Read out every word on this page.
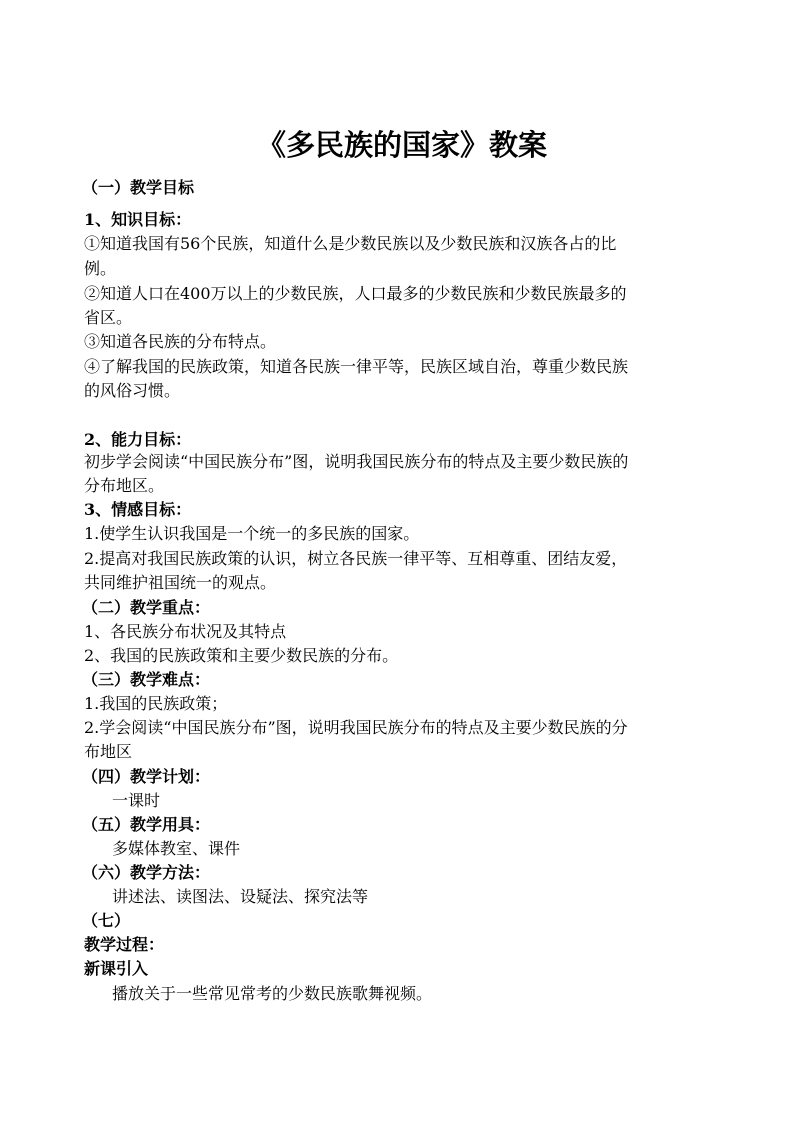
《多民族的国家》教案
（一）教学目标
1、知识目标：
①知道我国有56个民族，知道什么是少数民族以及少数民族和汉族各占的比
例。
②知道人口在400万以上的少数民族，人口最多的少数民族和少数民族最多的
省区。
③知道各民族的分布特点。
④了解我国的民族政策，知道各民族一律平等，民族区域自治，尊重少数民族
的风俗习惯。
2、能力目标：
初步学会阅读“中国民族分布”图，说明我国民族分布的特点及主要少数民族的
分布地区。
3、情感目标：
1.使学生认识我国是一个统一的多民族的国家。
2.提高对我国民族政策的认识，树立各民族一律平等、互相尊重、团结友爱，
共同维护祖国统一的观点。
（二）教学重点：
1、各民族分布状况及其特点
2、我国的民族政策和主要少数民族的分布。
（三）教学难点：
1.我国的民族政策；
2.学会阅读“中国民族分布”图，说明我国民族分布的特点及主要少数民族的分
布地区
（四）教学计划：
一课时
（五）教学用具：
多媒体教室、课件
（六）教学方法：
讲述法、读图法、设疑法、探究法等
（七）
教学过程：
新课引入
播放关于一些常见常考的少数民族歌舞视频。
